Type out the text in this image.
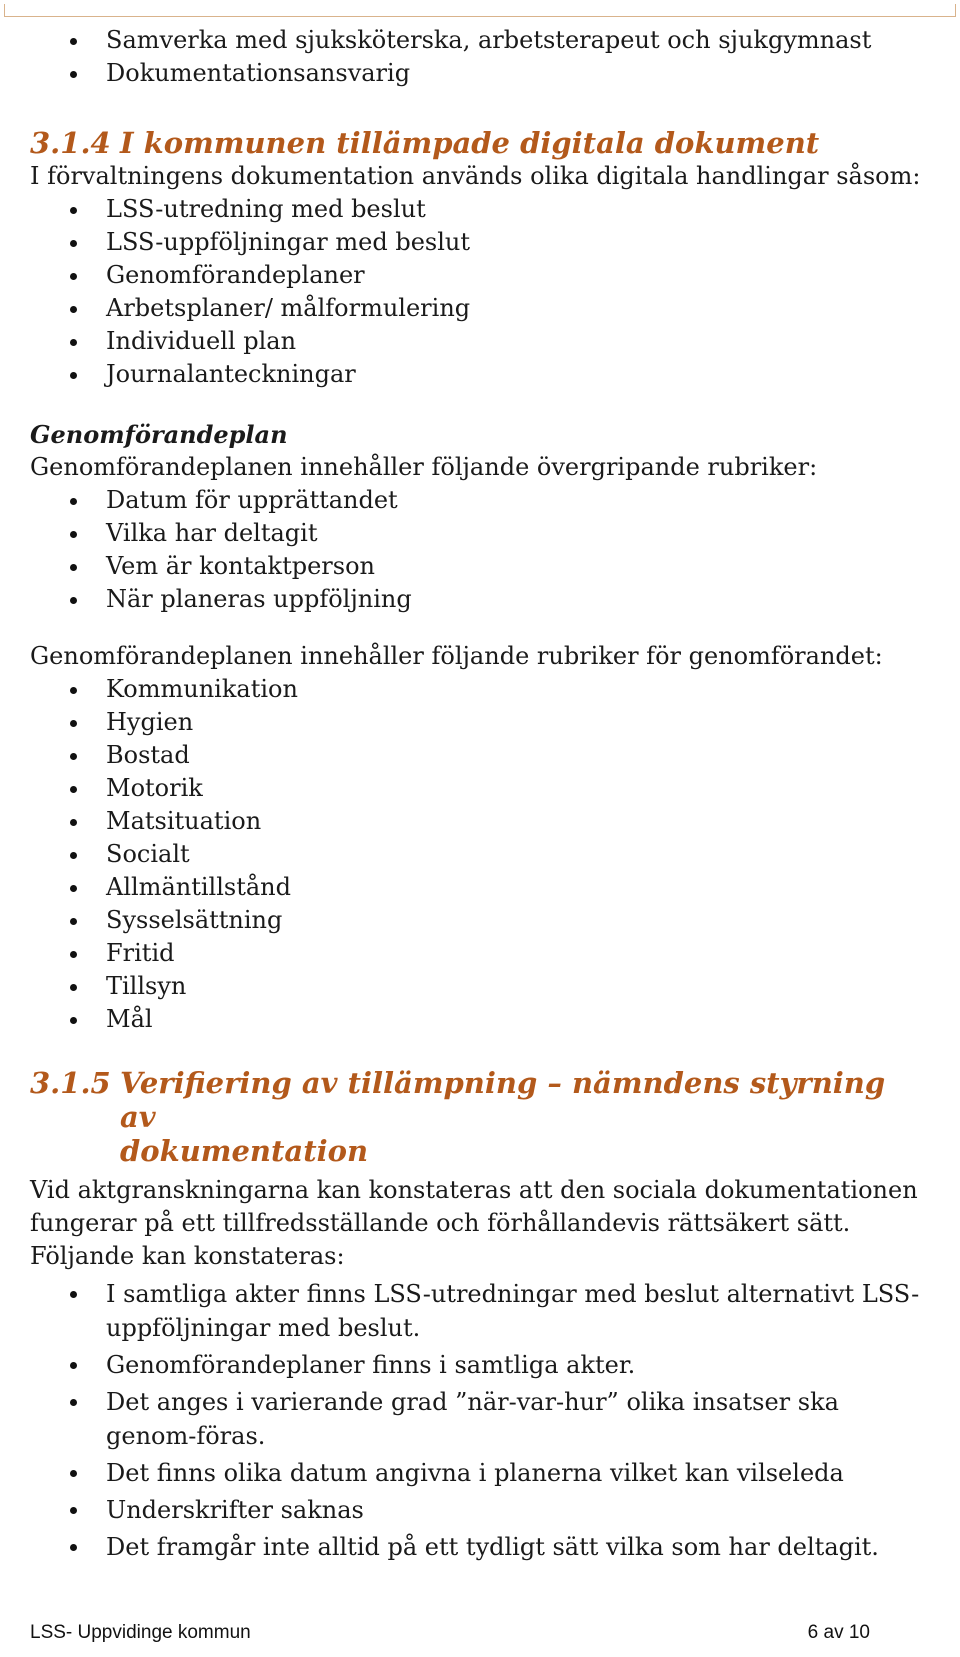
Samverka med sjuksköterska, arbetsterapeut och sjukgymnast
Dokumentationsansvarig
3.1.4 I kommunen tillämpade digitala dokument

I förvaltningens dokumentation används olika digitala handlingar såsom:

LSS-utredning med beslut
LSS-uppföljningar med beslut
Genomförandeplaner
Arbetsplaner/ målformulering
Individuell plan
Journalanteckningar

Genomförandeplan

Genomförandeplanen innehåller följande övergripande rubriker:

Datum för upprättandet
Vilka har deltagit
Vem är kontaktperson
När planeras uppföljning

Genomförandeplanen innehåller följande rubriker för genomförandet:

Kommunikation
Hygien
Bostad
Motorik
Matsituation
Socialt
Allmäntillstånd
Sysselsättning
Fritid
Tillsyn
Mål
3.1.5 Verifiering av tillämpning – nämndens styrning av
dokumentation

Vid aktgranskningarna kan konstateras att den sociala dokumentationen fungerar på ett tillfredsställande och förhållandevis rättsäkert sätt. Följande kan konstateras:

I samtliga akter finns LSS-utredningar med beslut alternativt LSS-uppföljningar med beslut.
Genomförandeplaner finns i samtliga akter.
Det anges i varierande grad ”när-var-hur” olika insatser ska genom-föras.
Det finns olika datum angivna i planerna vilket kan vilseleda
Underskrifter saknas
Det framgår inte alltid på ett tydligt sätt vilka som har deltagit.
LSS- Uppvidinge kommun	6 av 10
